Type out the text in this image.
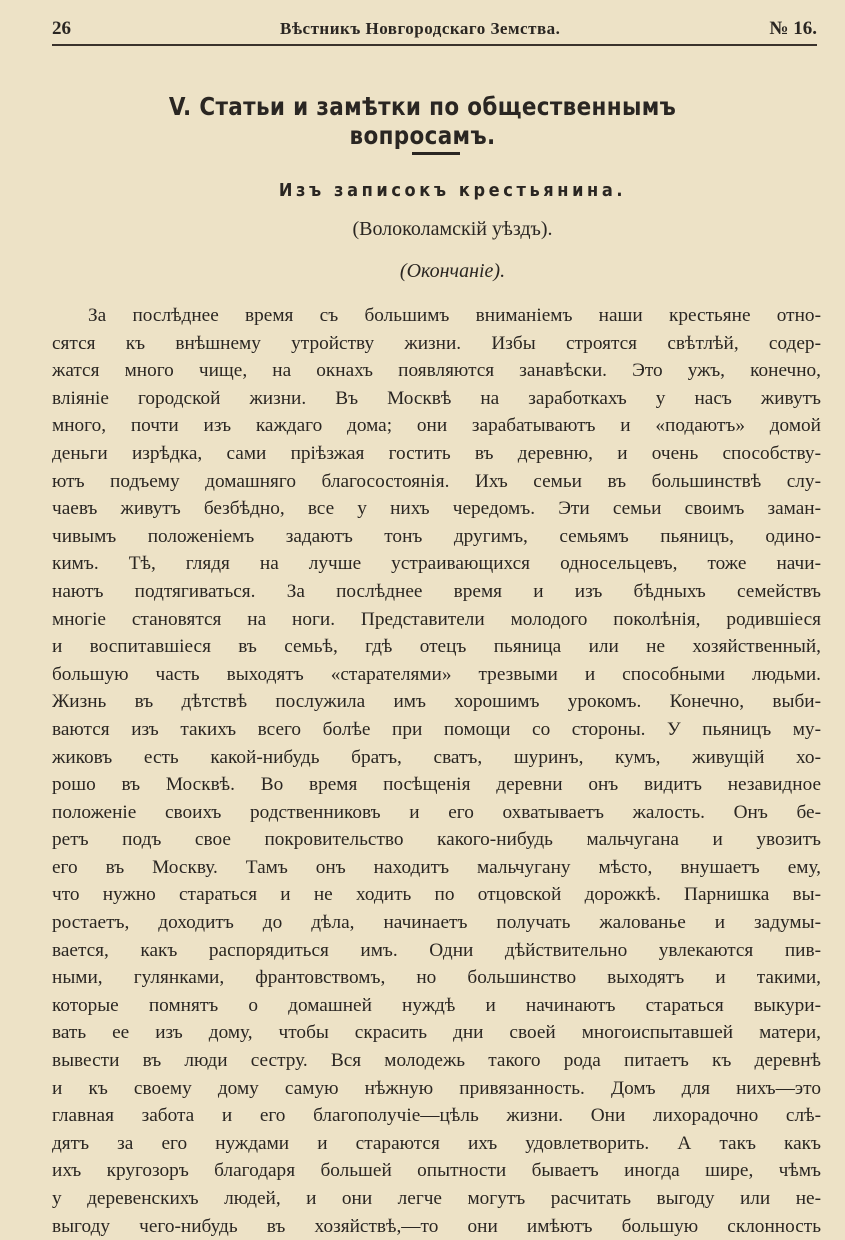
26	Вѣстникъ Новгородскаго Земства.	№ 16.
V. Статьи и замѣтки по общественнымъ вопросамъ.
Изъ записокъ крестьянина.
(Волоколамскій уѣздъ).
(Окончаніе).
За послѣднее время съ большимъ вниманіемъ наши крестьяне отно-
сятся къ внѣшнему утройству жизни. Избы строятся свѣтлѣй, содер-
жатся много чище, на окнахъ появляются занавѣски. Это ужъ, конечно,
вліяніе городской жизни. Въ Москвѣ на заработкахъ у насъ живутъ
много, почти изъ каждаго дома; они зарабатываютъ и «подаютъ» домой
деньги изрѣдка, сами пріѣзжая гостить въ деревню, и очень способству-
ютъ подъему домашняго благосостоянія. Ихъ семьи въ большинствѣ слу-
чаевъ живутъ безбѣдно, все у нихъ чередомъ. Эти семьи своимъ заман-
чивымъ положеніемъ задаютъ тонъ другимъ, семьямъ пьяницъ, одино-
кимъ. Тѣ, глядя на лучше устраивающихся односельцевъ, тоже начи-
наютъ подтягиваться. За послѣднее время и изъ бѣдныхъ семействъ
многіе становятся на ноги. Представители молодого поколѣнія, родившіеся
и воспитавшіеся въ семьѣ, гдѣ отецъ пьяница или не хозяйственный,
большую часть выходятъ «старателями» трезвыми и способными людьми.
Жизнь въ дѣтствѣ послужила имъ хорошимъ урокомъ. Конечно, выби-
ваются изъ такихъ всего болѣе при помощи со стороны. У пьяницъ му-
жиковъ есть какой-нибудь братъ, сватъ, шуринъ, кумъ, живущій хо-
рошо въ Москвѣ. Во время посѣщенія деревни онъ видитъ незавидное
положеніе своихъ родственниковъ и его охватываетъ жалость. Онъ бе-
ретъ подъ свое покровительство какого-нибудь мальчугана и увозитъ
его въ Москву. Тамъ онъ находитъ мальчугану мѣсто, внушаетъ ему,
что нужно стараться и не ходить по отцовской дорожкѣ. Парнишка вы-
ростаетъ, доходитъ до дѣла, начинаетъ получать жалованье и задумы-
вается, какъ распорядиться имъ. Одни дѣйствительно увлекаются пив-
ными, гулянками, франтовствомъ, но большинство выходятъ и такими,
которые помнятъ о домашней нуждѣ и начинаютъ стараться выкури-
вать ее изъ дому, чтобы скрасить дни своей многоиспытавшей матери,
вывести въ люди сестру. Вся молодежь такого рода питаетъ къ деревнѣ
и къ своему дому самую нѣжную привязанность. Домъ для нихъ—это
главная забота и его благополучіе—цѣль жизни. Они лихорадочно слѣ-
дятъ за его нуждами и стараются ихъ удовлетворить. А такъ какъ
ихъ кругозоръ благодаря большей опытности бываетъ иногда шире, чѣмъ
у деревенскихъ людей, и они легче могутъ расчитать выгоду или не-
выгоду чего-нибудь въ хозяйствѣ,—то они имѣютъ большую склонность
